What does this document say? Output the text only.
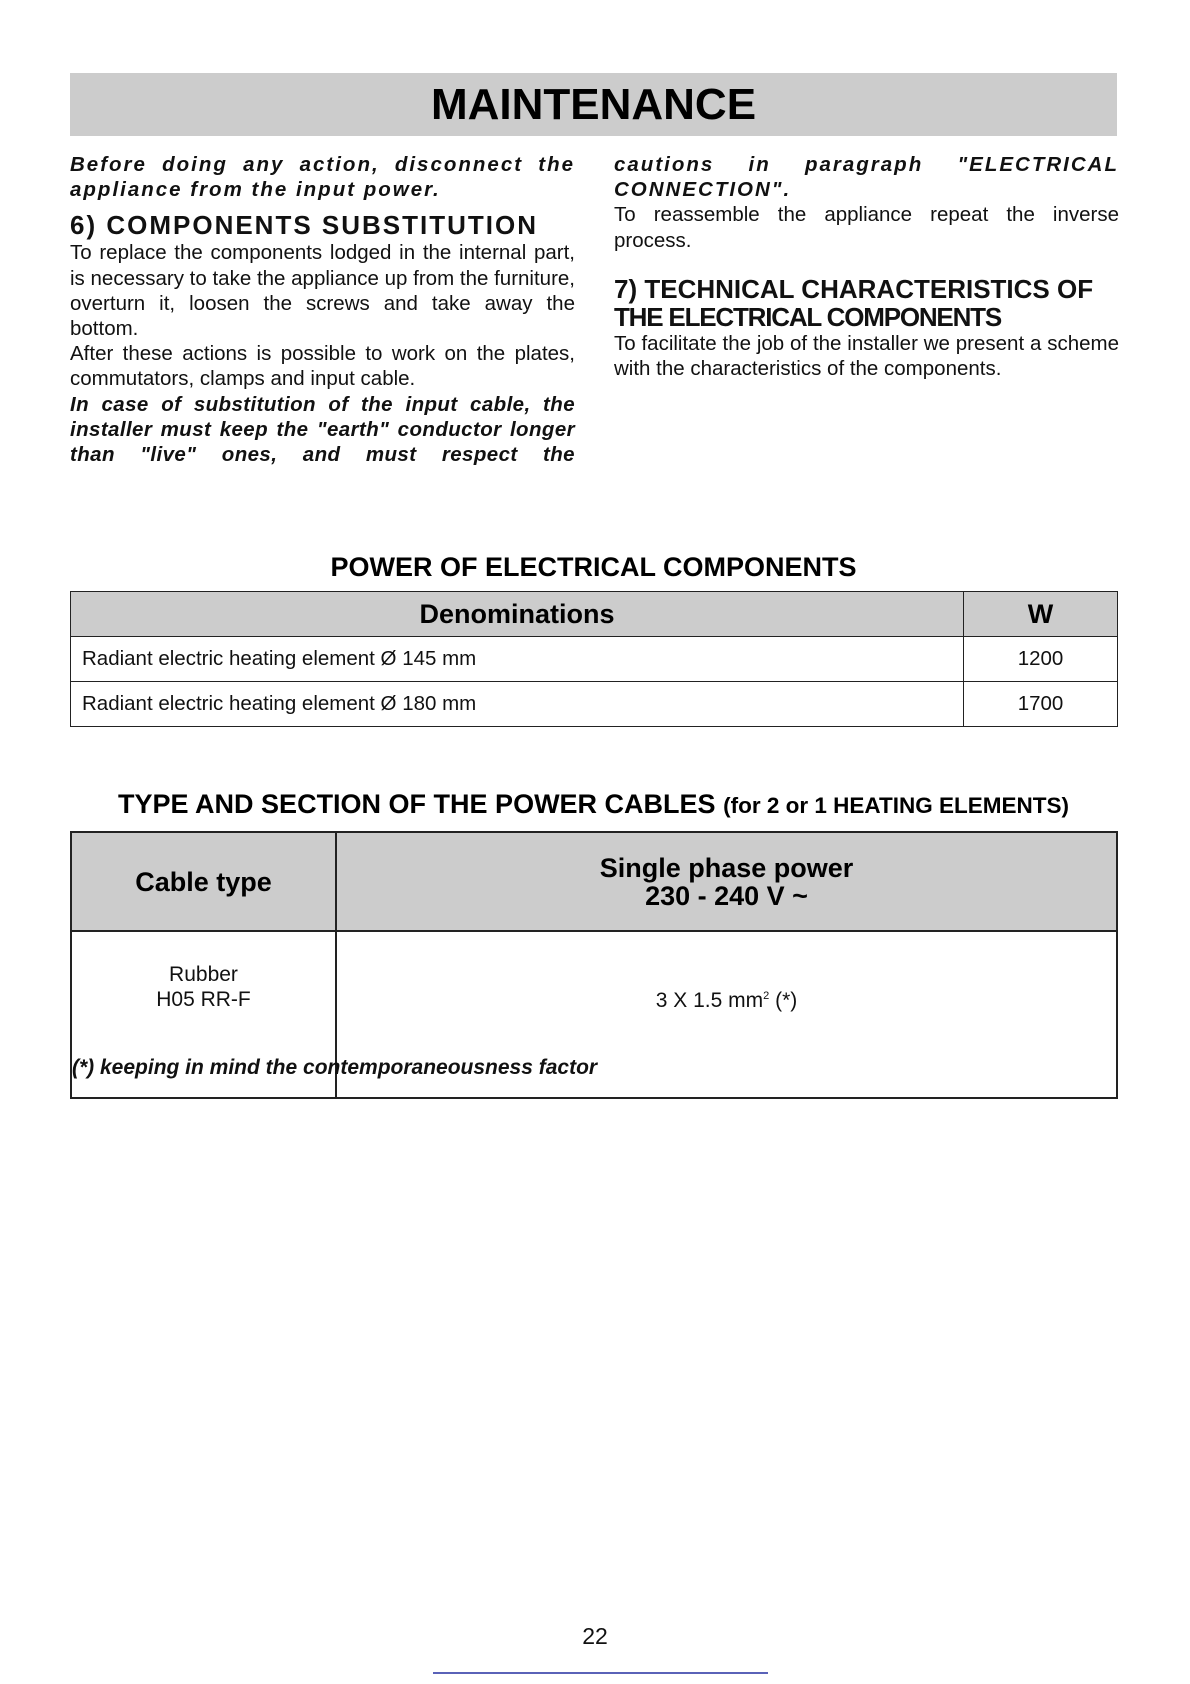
MAINTENANCE

Before doing any action, disconnect the appliance from the input power.

6) COMPONENTS SUBSTITUTION

To replace the components lodged in the internal part, is necessary to take the appliance up from the furniture, overturn it, loosen the screws and take away the bottom.

After these actions is possible to work on the plates, commutators, clamps and input cable.

In case of substitution of the input cable, the installer must keep the "earth" conductor longer than "live" ones, and must respect the

cautions in paragraph "ELECTRICAL CONNECTION".

To reassemble the appliance repeat the inverse process.

7) TECHNICAL CHARACTERISTICS OF
THE ELECTRICAL COMPONENTS

To facilitate the job of the installer we present a scheme with the characteristics of the components.

POWER OF ELECTRICAL COMPONENTS
Denominations	W
Radiant electric heating element Ø 145 mm	1200
Radiant electric heating element Ø 180 mm	1700
TYPE AND SECTION OF THE POWER CABLES (for 2 or 1 HEATING ELEMENTS)
Cable type	Single phase power
230 - 240 V ~

Rubber
H05 RR-F	3 X 1.5 $mm^2$ (*)
(*) keeping in mind the contemporaneousness factor
22
